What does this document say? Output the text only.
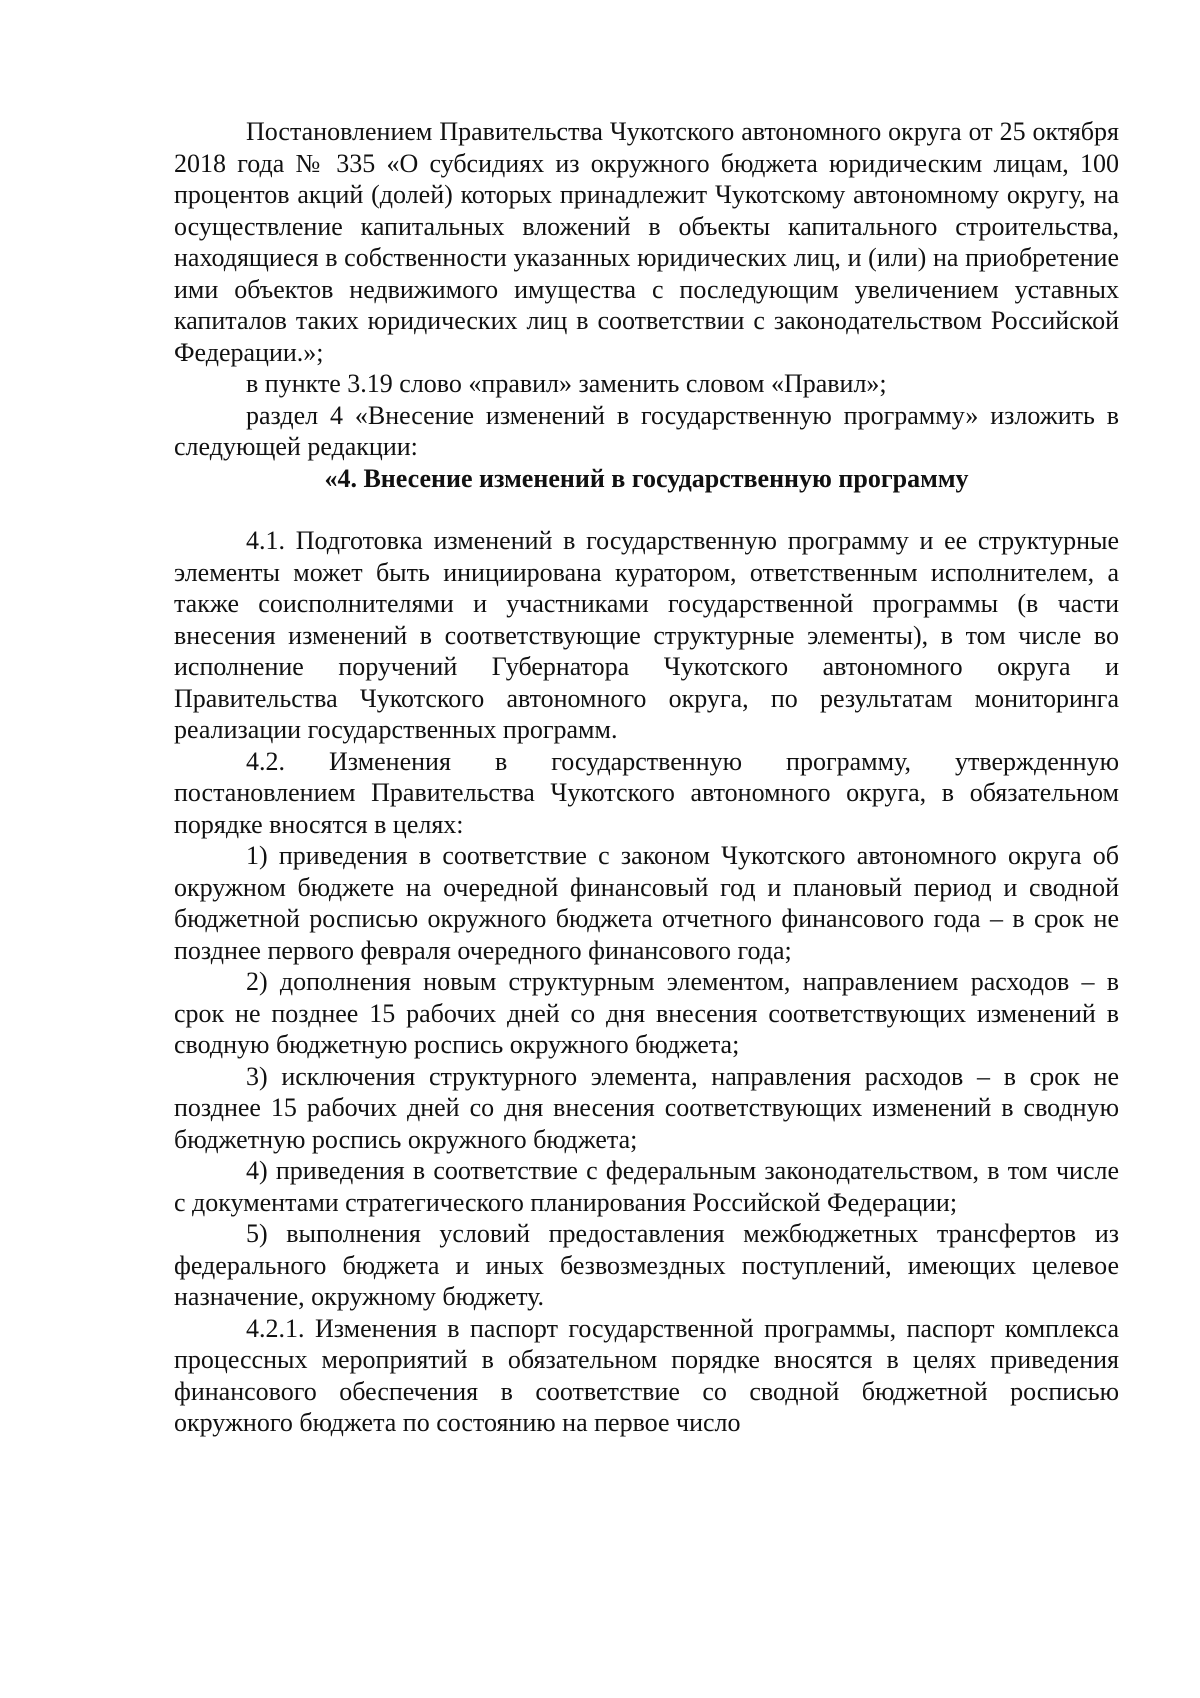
Постановлением Правительства Чукотского автономного округа от 25 октября 2018 года № 335 «О субсидиях из окружного бюджета юридическим лицам, 100 процентов акций (долей) которых принадлежит Чукотскому автономному округу, на осуществление капитальных вложений в объекты капитального строительства, находящиеся в собственности указанных юридических лиц, и (или) на приобретение ими объектов недвижимого имущества с последующим увеличением уставных капиталов таких юридических лиц в соответствии с законодательством Российской Федерации.»;

в пункте 3.19 слово «правил» заменить словом «Правил»;

раздел 4 «Внесение изменений в государственную программу» изложить в следующей редакции:

«4. Внесение изменений в государственную программу

4.1. Подготовка изменений в государственную программу и ее структурные элементы может быть инициирована куратором, ответственным исполнителем, а также соисполнителями и участниками государственной программы (в части внесения изменений в соответствующие структурные элементы), в том числе во исполнение поручений Губернатора Чукотского автономного округа и Правительства Чукотского автономного округа, по результатам мониторинга реализации государственных программ.

4.2. Изменения в государственную программу, утвержденную постановлением Правительства Чукотского автономного округа, в обязательном порядке вносятся в целях:

1) приведения в соответствие с законом Чукотского автономного округа об окружном бюджете на очередной финансовый год и плановый период и сводной бюджетной росписью окружного бюджета отчетного финансового года – в срок не позднее первого февраля очередного финансового года;

2) дополнения новым структурным элементом, направлением расходов – в срок не позднее 15 рабочих дней со дня внесения соответствующих изменений в сводную бюджетную роспись окружного бюджета;

3) исключения структурного элемента, направления расходов – в срок не позднее 15 рабочих дней со дня внесения соответствующих изменений в сводную бюджетную роспись окружного бюджета;

4) приведения в соответствие с федеральным законодательством, в том числе с документами стратегического планирования Российской Федерации;

5) выполнения условий предоставления межбюджетных трансфертов из федерального бюджета и иных безвозмездных поступлений, имеющих целевое назначение, окружному бюджету.

4.2.1. Изменения в паспорт государственной программы, паспорт комплекса процессных мероприятий в обязательном порядке вносятся в целях приведения финансового обеспечения в соответствие со сводной бюджетной росписью окружного бюджета по состоянию на первое число
